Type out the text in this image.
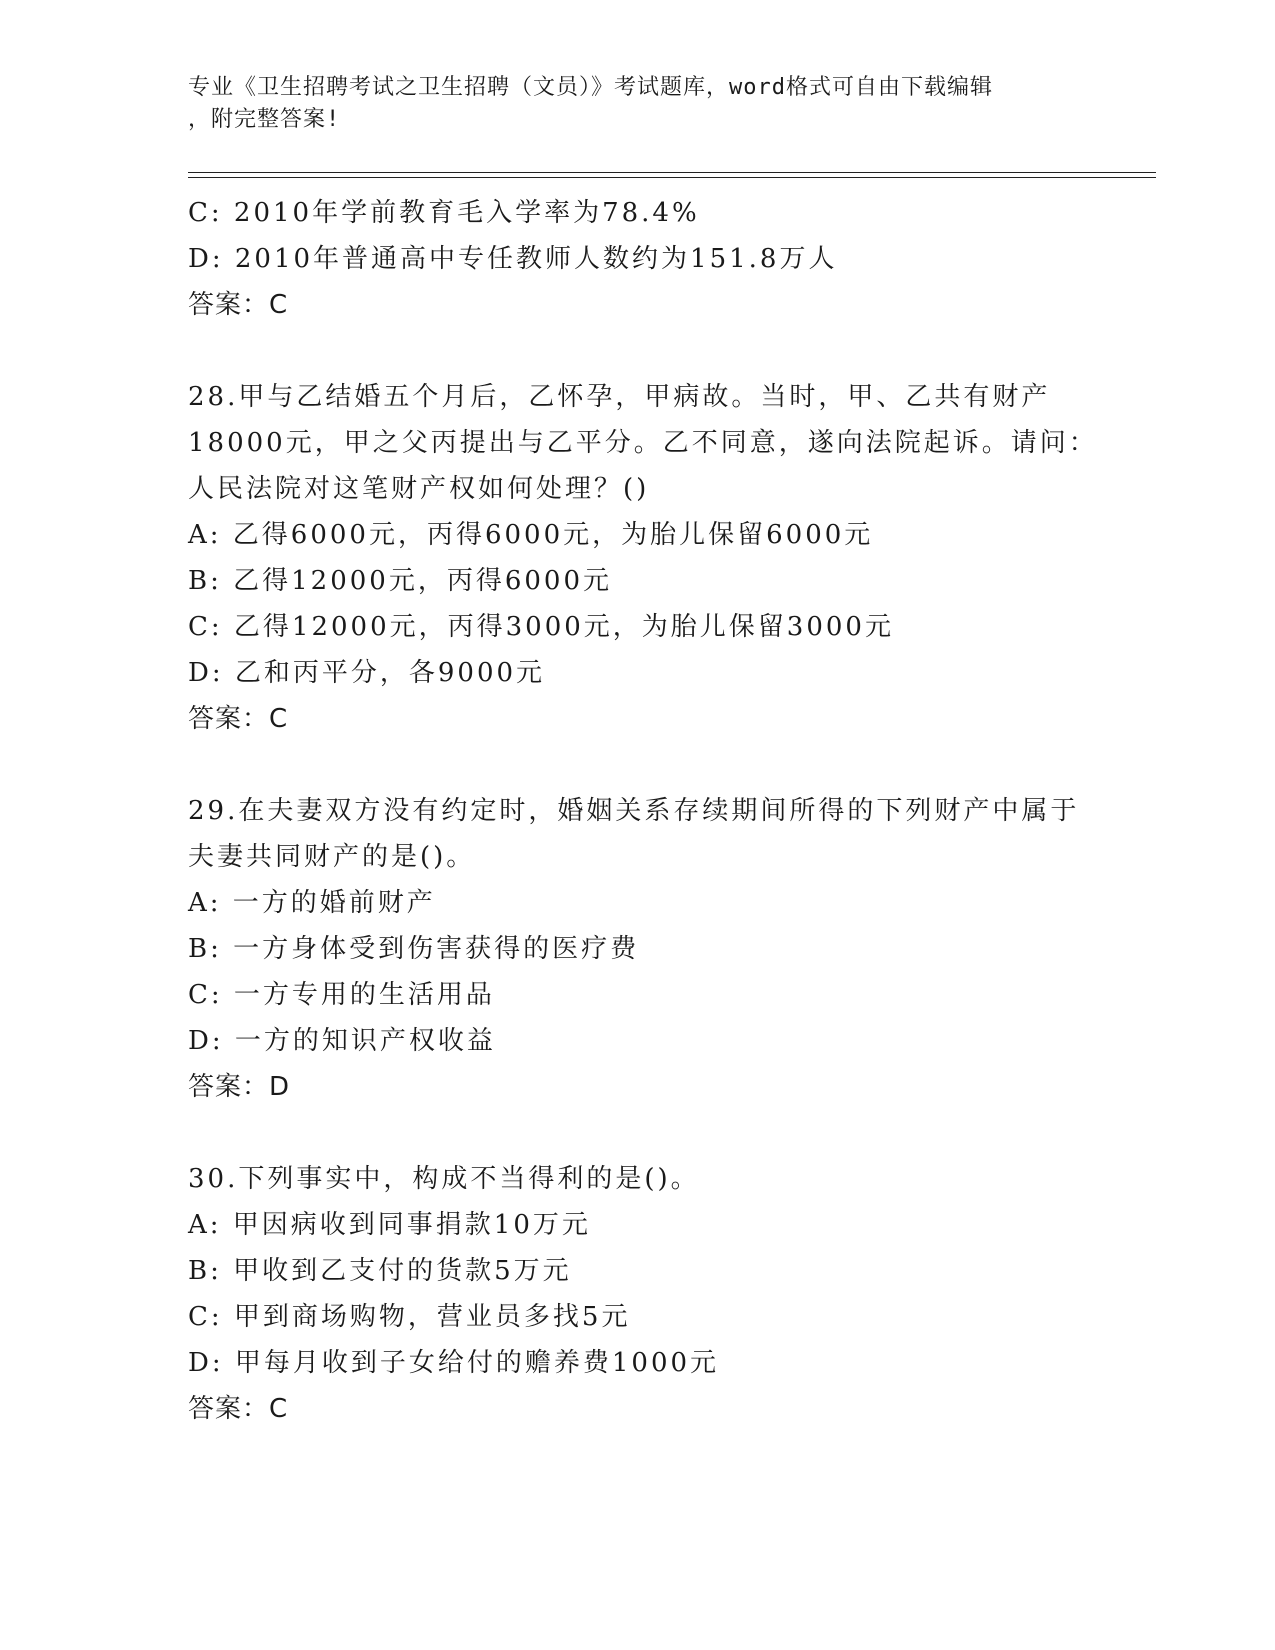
专业《卫生招聘考试之卫生招聘（文员）》考试题库，word格式可自由下载编辑
，附完整答案!
C: 2010年学前教育毛入学率为78.4%
D: 2010年普通高中专任教师人数约为151.8万人
答案：C
28.甲与乙结婚五个月后，乙怀孕，甲病故。当时，甲、乙共有财产
18000元，甲之父丙提出与乙平分。乙不同意，遂向法院起诉。请问：
人民法院对这笔财产权如何处理？()
A: 乙得6000元，丙得6000元，为胎儿保留6000元
B: 乙得12000元，丙得6000元
C: 乙得12000元，丙得3000元，为胎儿保留3000元
D: 乙和丙平分，各9000元
答案：C
29.在夫妻双方没有约定时，婚姻关系存续期间所得的下列财产中属于
夫妻共同财产的是()。
A: 一方的婚前财产
B: 一方身体受到伤害获得的医疗费
C: 一方专用的生活用品
D: 一方的知识产权收益
答案：D
30.下列事实中，构成不当得利的是()。
A: 甲因病收到同事捐款10万元
B: 甲收到乙支付的货款5万元
C: 甲到商场购物，营业员多找5元
D: 甲每月收到子女给付的赡养费1000元
答案：C
